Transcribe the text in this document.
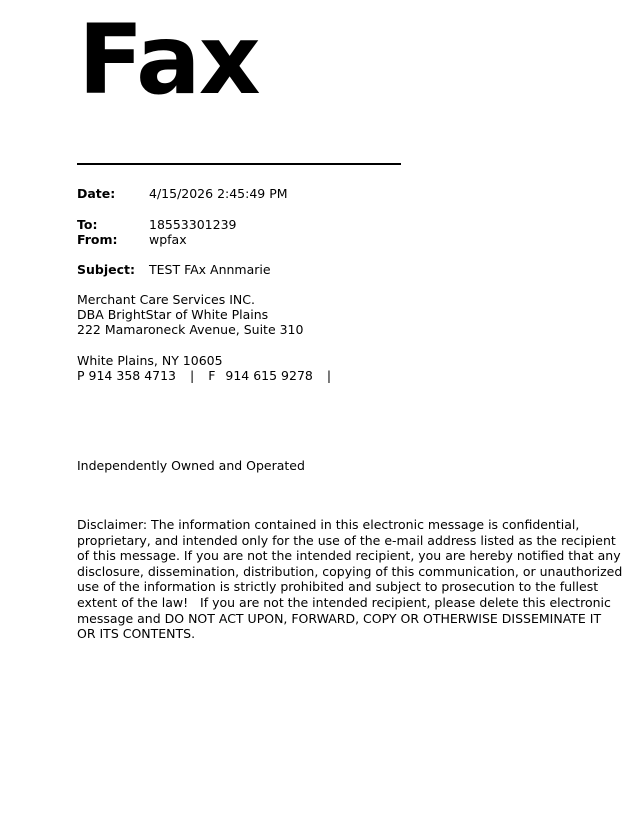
Fax
Date:	4/15/2026 2:45:49 PM
To:	18553301239
From:	wpfax
Subject: TEST FAx Annmarie
Merchant Care Services INC.
DBA BrightStar of White Plains
222 Mamaroneck Avenue, Suite 310
White Plains, NY 10605
P 914 358 4713 | F 914 615 9278 |
Independently Owned and Operated
Disclaimer: The information contained in this electronic message is confidential,
proprietary, and intended only for the use of the e-mail address listed as the recipient
of this message. If you are not the intended recipient, you are hereby notified that any
disclosure, dissemination, distribution, copying of this communication, or unauthorized
use of the information is strictly prohibited and subject to prosecution to the fullest
extent of the law!   If you are not the intended recipient, please delete this electronic
message and DO NOT ACT UPON, FORWARD, COPY OR OTHERWISE DISSEMINATE IT
OR ITS CONTENTS.
